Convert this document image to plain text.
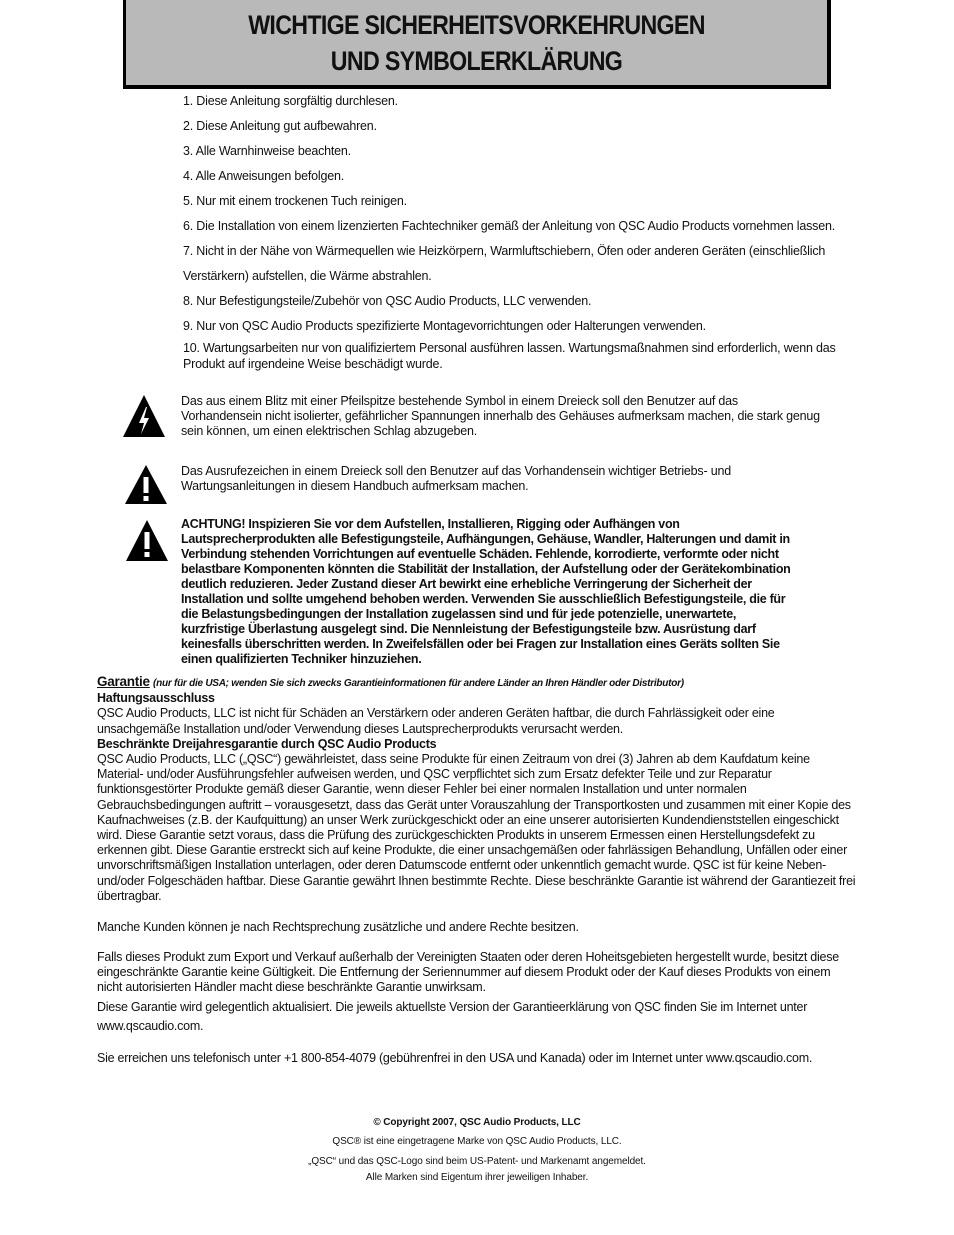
WICHTIGE SICHERHEITSVORKEHRUNGEN
UND SYMBOLERKLÄRUNG
1. Diese Anleitung sorgfältig durchlesen.
2. Diese Anleitung gut aufbewahren.
3. Alle Warnhinweise beachten.
4. Alle Anweisungen befolgen.
5. Nur mit einem trockenen Tuch reinigen.
6. Die Installation von einem lizenzierten Fachtechniker gemäß der Anleitung von QSC Audio Products vornehmen lassen.
7. Nicht in der Nähe von Wärmequellen wie Heizkörpern, Warmluftschiebern, Öfen oder anderen Geräten (einschließlich
Verstärkern) aufstellen, die Wärme abstrahlen.
8. Nur Befestigungsteile/Zubehör von QSC Audio Products, LLC verwenden.
9. Nur von QSC Audio Products spezifizierte Montagevorrichtungen oder Halterungen verwenden.
10. Wartungsarbeiten nur von qualifiziertem Personal ausführen lassen. Wartungsmaßnahmen sind erforderlich, wenn das Produkt auf irgendeine Weise beschädigt wurde.
Das aus einem Blitz mit einer Pfeilspitze bestehende Symbol in einem Dreieck soll den Benutzer auf das Vorhandensein nicht isolierter, gefährlicher Spannungen innerhalb des Gehäuses aufmerksam machen, die stark genug sein können, um einen elektrischen Schlag abzugeben.
Das Ausrufezeichen in einem Dreieck soll den Benutzer auf das Vorhandensein wichtiger Betriebs- und Wartungsanleitungen in diesem Handbuch aufmerksam machen.
ACHTUNG! Inspizieren Sie vor dem Aufstellen, Installieren, Rigging oder Aufhängen von Lautsprecherprodukten alle Befestigungsteile, Aufhängungen, Gehäuse, Wandler, Halterungen und damit in Verbindung stehenden Vorrichtungen auf eventuelle Schäden. Fehlende, korrodierte, verformte oder nicht belastbare Komponenten könnten die Stabilität der Installation, der Aufstellung oder der Gerätekombination deutlich reduzieren. Jeder Zustand dieser Art bewirkt eine erhebliche Verringerung der Sicherheit der Installation und sollte umgehend behoben werden. Verwenden Sie ausschließlich Befestigungsteile, die für die Belastungsbedingungen der Installation zugelassen sind und für jede potenzielle, unerwartete, kurzfristige Überlastung ausgelegt sind. Die Nennleistung der Befestigungsteile bzw. Ausrüstung darf keinesfalls überschritten werden. In Zweifelsfällen oder bei Fragen zur Installation eines Geräts sollten Sie einen qualifizierten Techniker hinzuziehen.
Garantie (nur für die USA; wenden Sie sich zwecks Garantieinformationen für andere Länder an Ihren Händler oder Distributor)
Haftungsausschluss
QSC Audio Products, LLC ist nicht für Schäden an Verstärkern oder anderen Geräten haftbar, die durch Fahrlässigkeit oder eine unsachgemäße Installation und/oder Verwendung dieses Lautsprecherprodukts verursacht werden.
Beschränkte Dreijahresgarantie durch QSC Audio Products
QSC Audio Products, LLC („QSC“) gewährleistet, dass seine Produkte für einen Zeitraum von drei (3) Jahren ab dem Kaufdatum keine Material- und/oder Ausführungsfehler aufweisen werden, und QSC verpflichtet sich zum Ersatz defekter Teile und zur Reparatur funktionsgestörter Produkte gemäß dieser Garantie, wenn dieser Fehler bei einer normalen Installation und unter normalen Gebrauchsbedingungen auftritt – vorausgesetzt, dass das Gerät unter Vorauszahlung der Transportkosten und zusammen mit einer Kopie des Kaufnachweises (z.B. der Kaufquittung) an unser Werk zurückgeschickt oder an eine unserer autorisierten Kundendienststellen eingeschickt wird. Diese Garantie setzt voraus, dass die Prüfung des zurückgeschickten Produkts in unserem Ermessen einen Herstellungsdefekt zu erkennen gibt. Diese Garantie erstreckt sich auf keine Produkte, die einer unsachgemäßen oder fahrlässigen Behandlung, Unfällen oder einer unvorschriftsmäßigen Installation unterlagen, oder deren Datumscode entfernt oder unkenntlich gemacht wurde. QSC ist für keine Neben- und/oder Folgeschäden haftbar. Diese Garantie gewährt Ihnen bestimmte Rechte. Diese beschränkte Garantie ist während der Garantiezeit frei übertragbar.
Manche Kunden können je nach Rechtsprechung zusätzliche und andere Rechte besitzen.
Falls dieses Produkt zum Export und Verkauf außerhalb der Vereinigten Staaten oder deren Hoheitsgebieten hergestellt wurde, besitzt diese eingeschränkte Garantie keine Gültigkeit. Die Entfernung der Seriennummer auf diesem Produkt oder der Kauf dieses Produkts von einem nicht autorisierten Händler macht diese beschränkte Garantie unwirksam.
Diese Garantie wird gelegentlich aktualisiert. Die jeweils aktuellste Version der Garantieerklärung von QSC finden Sie im Internet unter
www.qscaudio.com.
Sie erreichen uns telefonisch unter +1 800-854-4079 (gebührenfrei in den USA und Kanada) oder im Internet unter www.qscaudio.com.
© Copyright 2007, QSC Audio Products, LLC
QSC® ist eine eingetragene Marke von QSC Audio Products, LLC.
„QSC“ und das QSC-Logo sind beim US-Patent- und Markenamt angemeldet.
Alle Marken sind Eigentum ihrer jeweiligen Inhaber.
